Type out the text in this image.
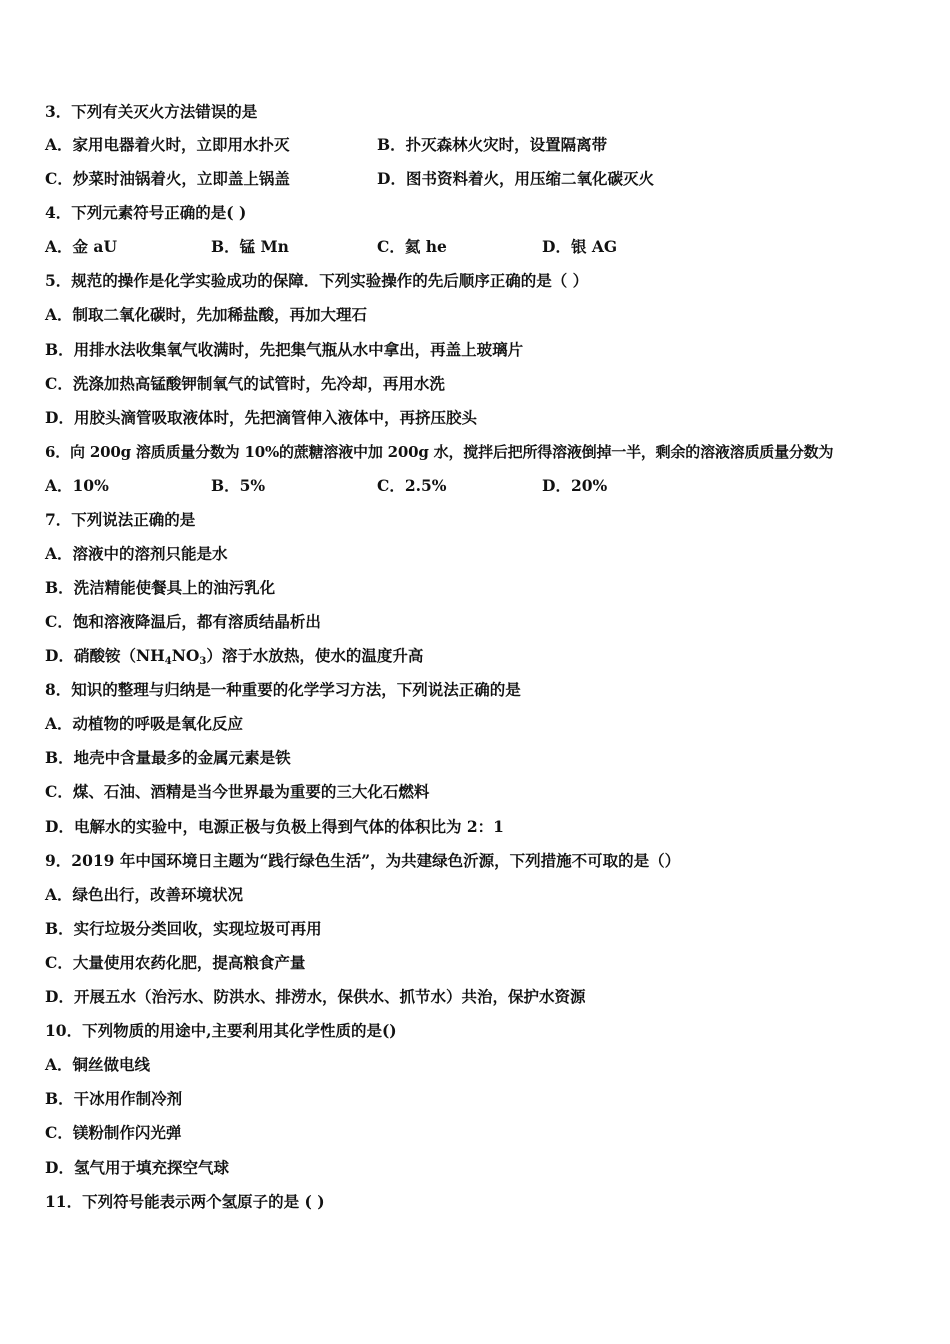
3．下列有关灭火方法错误的是
A．家用电器着火时，立即用水扑灭	B．扑灭森林火灾时，设置隔离带
C．炒菜时油锅着火，立即盖上锅盖	D．图书资料着火，用压缩二氧化碳灭火
4．下列元素符号正确的是( )
A．金 aU	B．锰 Mn	C．氦 he	D．银 AG
5．规范的操作是化学实验成功的保障．下列实验操作的先后顺序正确的是（ ）
A．制取二氧化碳时，先加稀盐酸，再加大理石
B．用排水法收集氧气收满时，先把集气瓶从水中拿出，再盖上玻璃片
C．洗涤加热高锰酸钾制氧气的试管时，先冷却，再用水洗
D．用胶头滴管吸取液体时，先把滴管伸入液体中，再挤压胶头
6．向 200g 溶质质量分数为 10%的蔗糖溶液中加 200g 水，搅拌后把所得溶液倒掉一半，剩余的溶液溶质质量分数为
A．10%	B．5%	C．2.5%	D．20%
7．下列说法正确的是
A．溶液中的溶剂只能是水
B．洗洁精能使餐具上的油污乳化
C．饱和溶液降温后，都有溶质结晶析出
D．硝酸铵$(NH_4NO_3)$溶于水放热，使水的温度升高
8．知识的整理与归纳是一种重要的化学学习方法，下列说法正确的是
A．动植物的呼吸是氧化反应
B．地壳中含量最多的金属元素是铁
C．煤、石油、酒精是当今世界最为重要的三大化石燃料
D．电解水的实验中，电源正极与负极上得到气体的体积比为 2：1
9．2019 年中国环境日主题为“践行绿色生活”，为共建绿色沂源，下列措施不可取的是（）
A．绿色出行，改善环境状况
B．实行垃圾分类回收，实现垃圾可再用
C．大量使用农药化肥，提高粮食产量
D．开展五水（治污水、防洪水、排涝水，保供水、抓节水）共治，保护水资源
10．下列物质的用途中,主要利用其化学性质的是()
A．铜丝做电线
B．干冰用作制冷剂
C．镁粉制作闪光弹
D．氢气用于填充探空气球
11．下列符号能表示两个氢原子的是 ( )
